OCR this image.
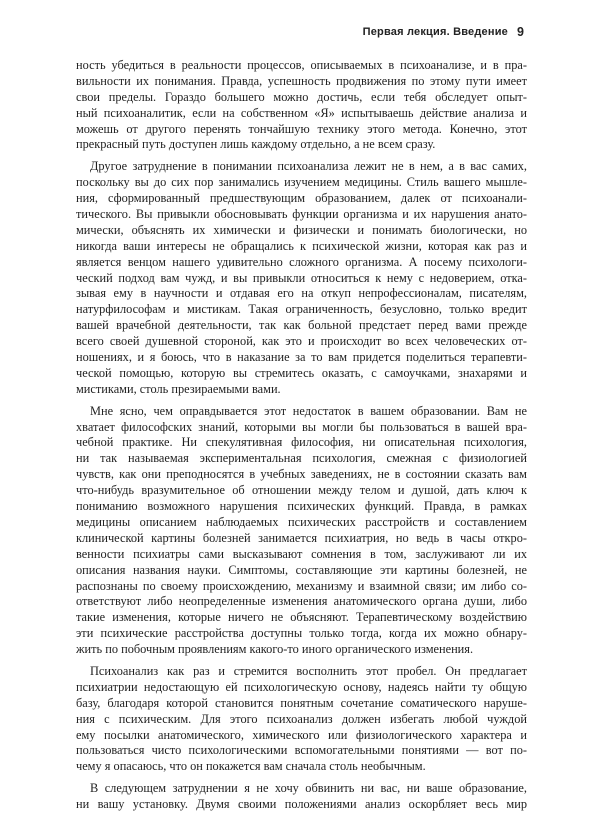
Первая лекция. Введение 9
ность убедиться в реальности процессов, описываемых в психоанализе, и в пра-
вильности их понимания. Правда, успешность продвижения по этому пути имеет
свои пределы. Гораздо большего можно достичь, если тебя обследует опыт-
ный психоаналитик, если на собственном «Я» испытываешь действие анализа и
можешь от другого перенять тончайшую технику этого метода. Конечно, этот
прекрасный путь доступен лишь каждому отдельно, а не всем сразу.
Другое затруднение в понимании психоанализа лежит не в нем, а в вас самих,
поскольку вы до сих пор занимались изучением медицины. Стиль вашего мышле-
ния, сформированный предшествующим образованием, далек от психоанали-
тического. Вы привыкли обосновывать функции организма и их нарушения анато-
мически, объяснять их химически и физически и понимать биологически, но
никогда ваши интересы не обращались к психической жизни, которая как раз и
является венцом нашего удивительно сложного организма. А посему психологи-
ческий подход вам чужд, и вы привыкли относиться к нему с недоверием, отка-
зывая ему в научности и отдавая его на откуп непрофессионалам, писателям,
натурфилософам и мистикам. Такая ограниченность, безусловно, только вредит
вашей врачебной деятельности, так как больной предстает перед вами прежде
всего своей душевной стороной, как это и происходит во всех человеческих от-
ношениях, и я боюсь, что в наказание за то вам придется поделиться терапевти-
ческой помощью, которую вы стремитесь оказать, с самоучками, знахарями и
мистиками, столь презираемыми вами.
Мне ясно, чем оправдывается этот недостаток в вашем образовании. Вам не
хватает философских знаний, которыми вы могли бы пользоваться в вашей вра-
чебной практике. Ни спекулятивная философия, ни описательная психология,
ни так называемая экспериментальная психология, смежная с физиологией
чувств, как они преподносятся в учебных заведениях, не в состоянии сказать вам
что-нибудь вразумительное об отношении между телом и душой, дать ключ к
пониманию возможного нарушения психических функций. Правда, в рамках
медицины описанием наблюдаемых психических расстройств и составлением
клинической картины болезней занимается психиатрия, но ведь в часы откро-
венности психиатры сами высказывают сомнения в том, заслуживают ли их
описания названия науки. Симптомы, составляющие эти картины болезней, не
распознаны по своему происхождению, механизму и взаимной связи; им либо со-
ответствуют либо неопределенные изменения анатомического органа души, либо
такие изменения, которые ничего не объясняют. Терапевтическому воздействию
эти психические расстройства доступны только тогда, когда их можно обнару-
жить по побочным проявлениям какого-то иного органического изменения.
Психоанализ как раз и стремится восполнить этот пробел. Он предлагает
психиатрии недостающую ей психологическую основу, надеясь найти ту общую
базу, благодаря которой становится понятным сочетание соматического наруше-
ния с психическим. Для этого психоанализ должен избегать любой чуждой
ему посылки анатомического, химического или физиологического характера и
пользоваться чисто психологическими вспомогательными понятиями — вот по-
чему я опасаюсь, что он покажется вам сначала столь необычным.
В следующем затруднении я не хочу обвинить ни вас, ни ваше образование,
ни вашу установку. Двумя своими положениями анализ оскорбляет весь мир
